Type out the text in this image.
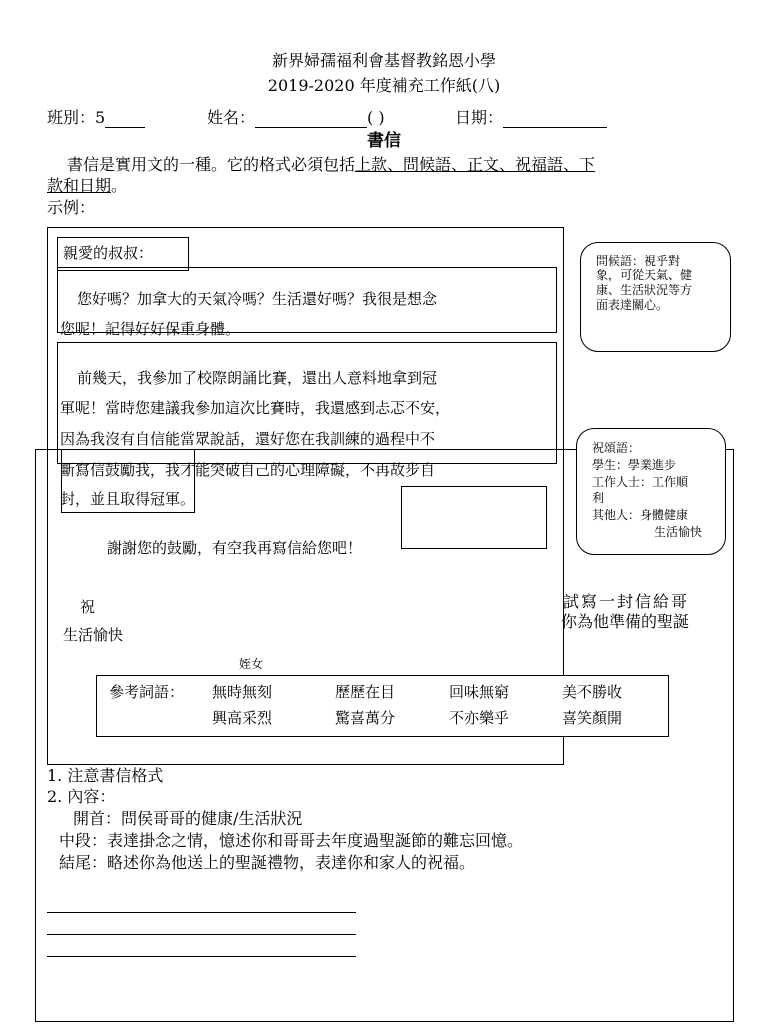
新界婦孺福利會基督教銘恩小學
2019-2020 年度補充工作紙(八)
班別：5	姓名：	( )	日期：
書信
書信是實用文的一種。它的格式必須包括上款、問候語、正文、祝福語、下
款和日期。
示例：
親愛的叔叔：
您好嗎？加拿大的天氣冷嗎？生活還好嗎？我很是想念
您呢！記得好好保重身體。
前幾天，我參加了校際朗誦比賽，還出人意料地拿到冠
軍呢！當時您建議我參加這次比賽時，我還感到忐忑不安，
因為我沒有自信能當眾說話，還好您在我訓練的過程中不
斷寫信鼓勵我，我才能突破自己的心理障礙，不再故步自
封，並且取得冠軍。
謝謝您的鼓勵，有空我再寫信給您吧！
祝
生活愉快
姪女
問候語：視乎對
象，可從天氣、健
康、生活狀況等方
面表達關心。
祝頌語：
學生：學業進步
工作人士：工作順
利
其他人：身體健康
生活愉快
試寫一封信給哥
你為他準備的聖誕
參考詞語： 無時無刻	歷歷在目	回味無窮	美不勝收
興高采烈	驚喜萬分	不亦樂乎	喜笑顏開
1. 注意書信格式
2. 內容：
開首：問侯哥哥的健康/生活狀況
中段：表達掛念之情，憶述你和哥哥去年度過聖誕節的難忘回憶。
結尾：略述你為他送上的聖誕禮物，表達你和家人的祝福。
